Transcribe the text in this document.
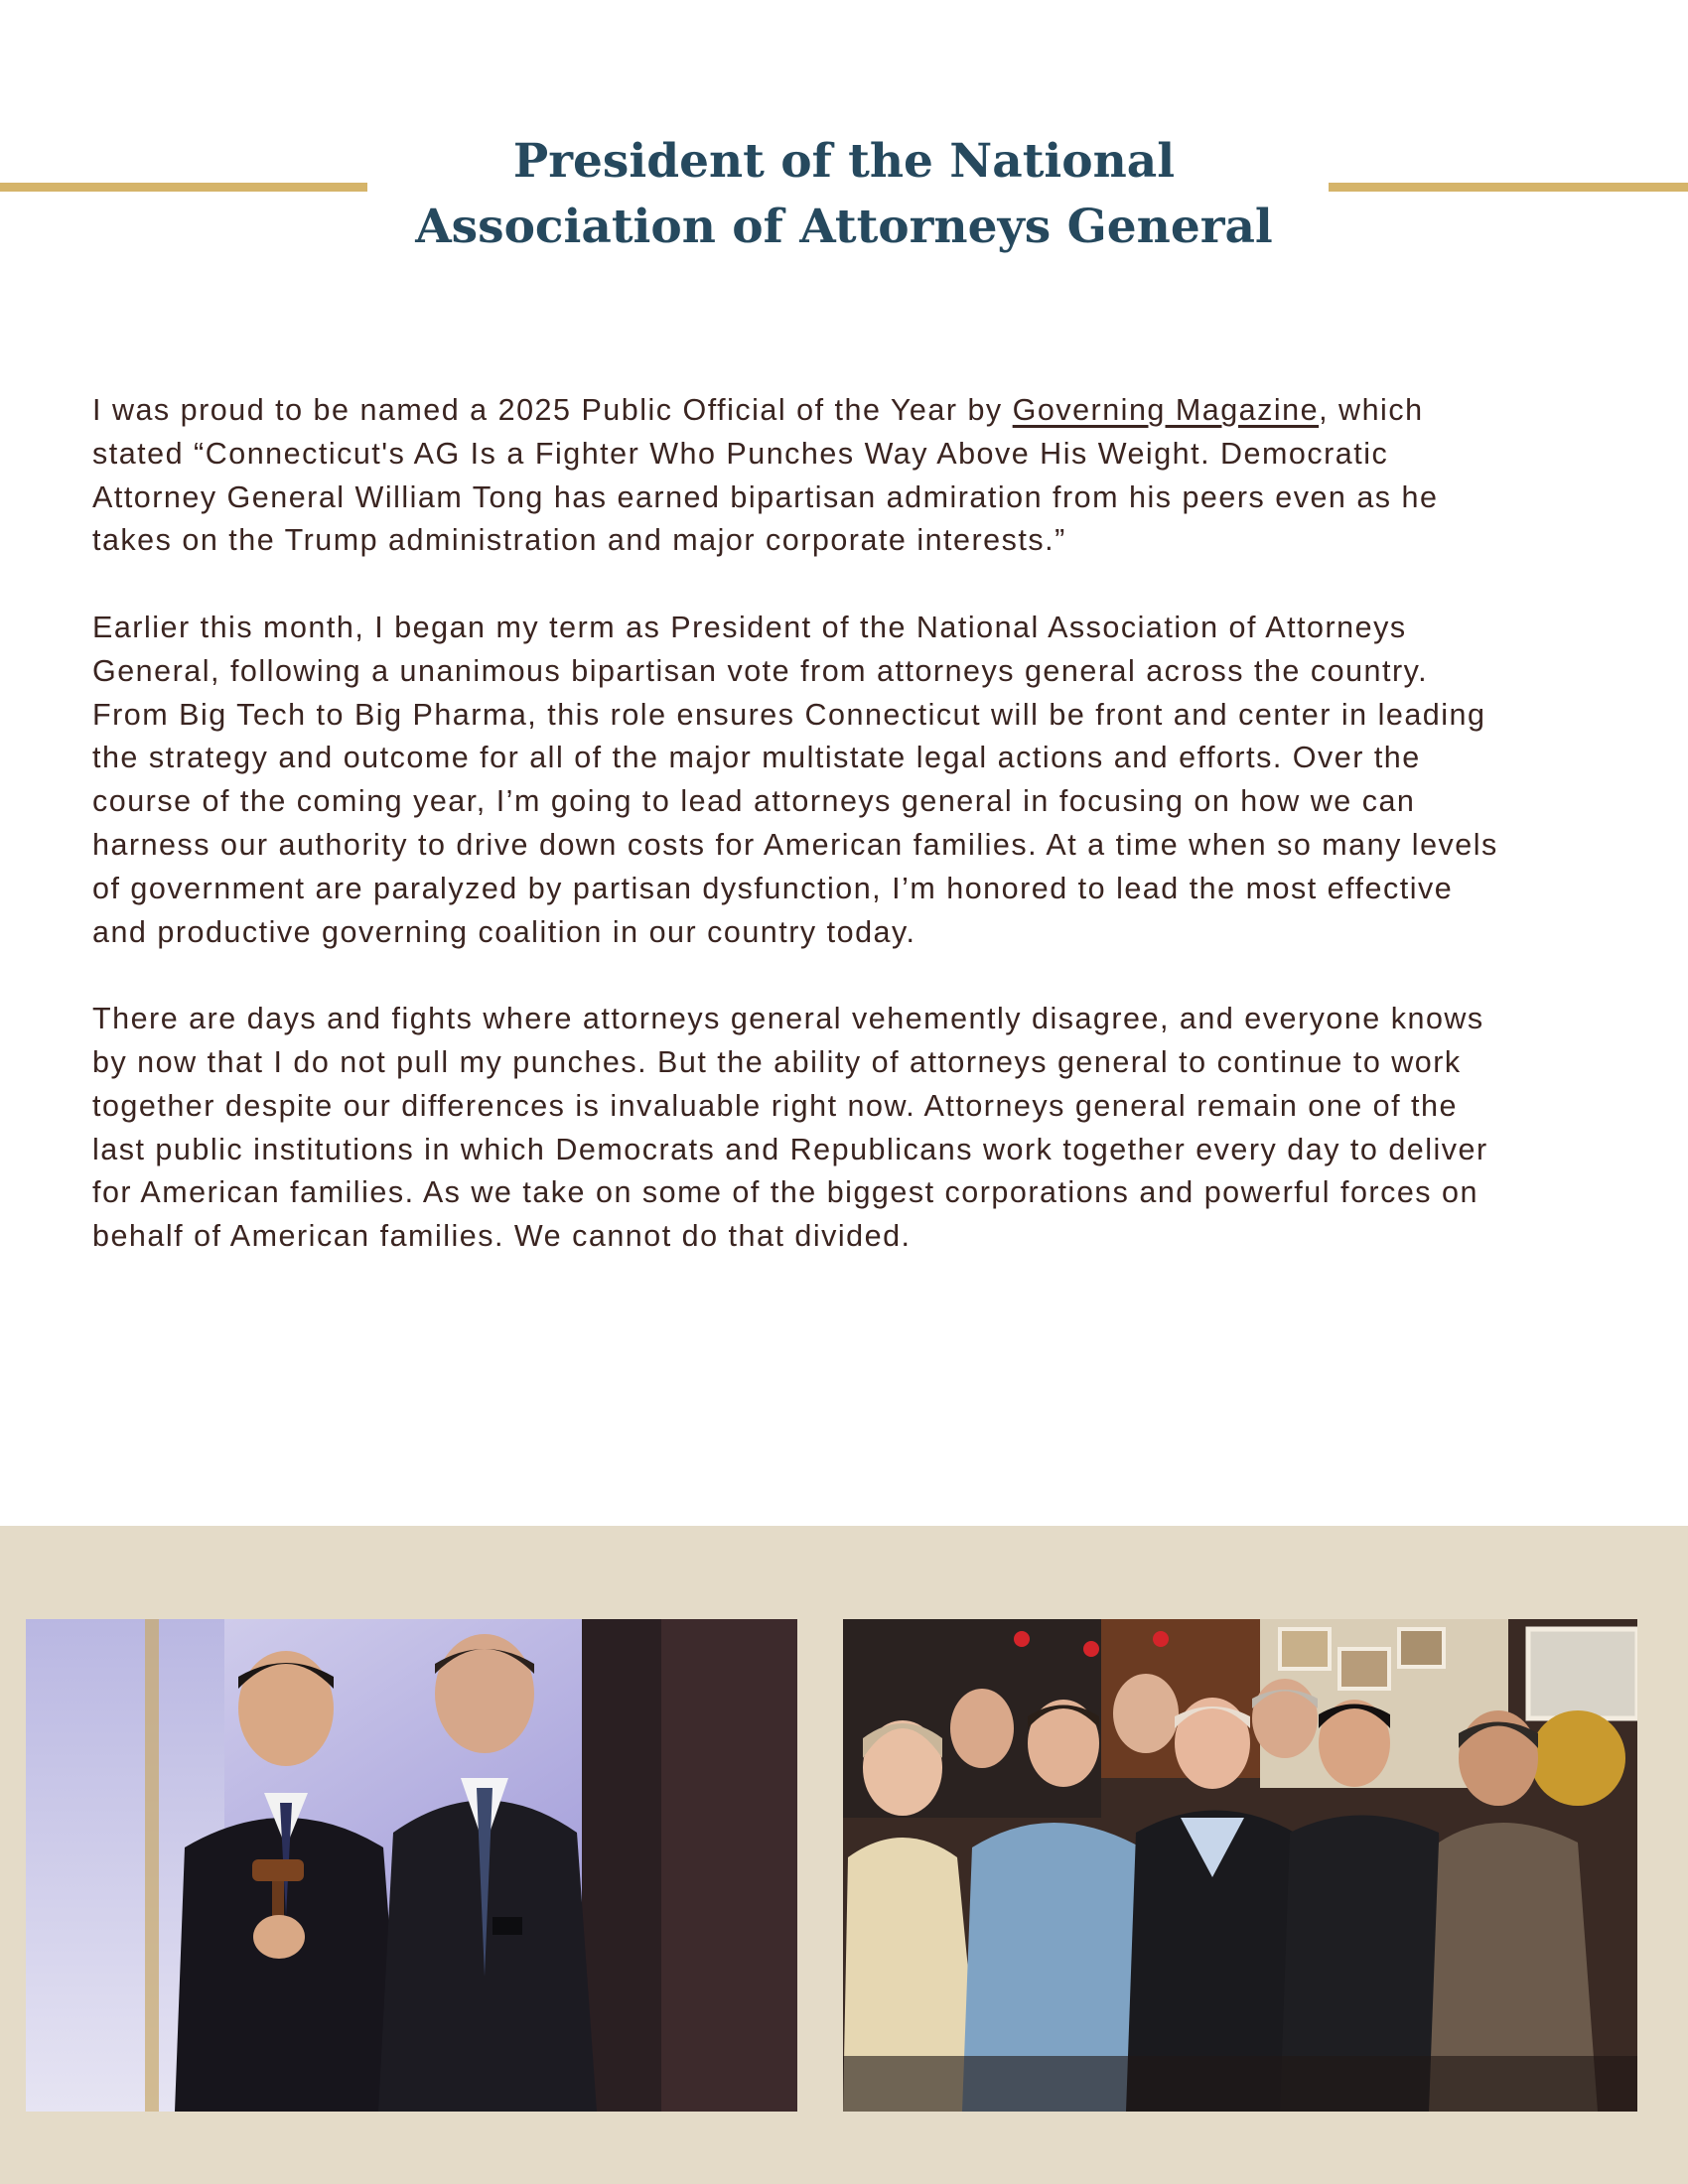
President of the National
Association of Attorneys General

I was proud to be named a 2025 Public Official of the Year by Governing Magazine, which
stated “Connecticut's AG Is a Fighter Who Punches Way Above His Weight. Democratic
Attorney General William Tong has earned bipartisan admiration from his peers even as he
takes on the Trump administration and major corporate interests.”

Earlier this month, I began my term as President of the National Association of Attorneys
General, following a unanimous bipartisan vote from attorneys general across the country.
From Big Tech to Big Pharma, this role ensures Connecticut will be front and center in leading
the strategy and outcome for all of the major multistate legal actions and efforts. Over the
course of the coming year, I’m going to lead attorneys general in focusing on how we can
harness our authority to drive down costs for American families. At a time when so many levels
of government are paralyzed by partisan dysfunction, I’m honored to lead the most effective
and productive governing coalition in our country today.

There are days and fights where attorneys general vehemently disagree, and everyone knows
by now that I do not pull my punches. But the ability of attorneys general to continue to work
together despite our differences is invaluable right now. Attorneys general remain one of the
last public institutions in which Democrats and Republicans work together every day to deliver
for American families. As we take on some of the biggest corporations and powerful forces on
behalf of American families. We cannot do that divided.
